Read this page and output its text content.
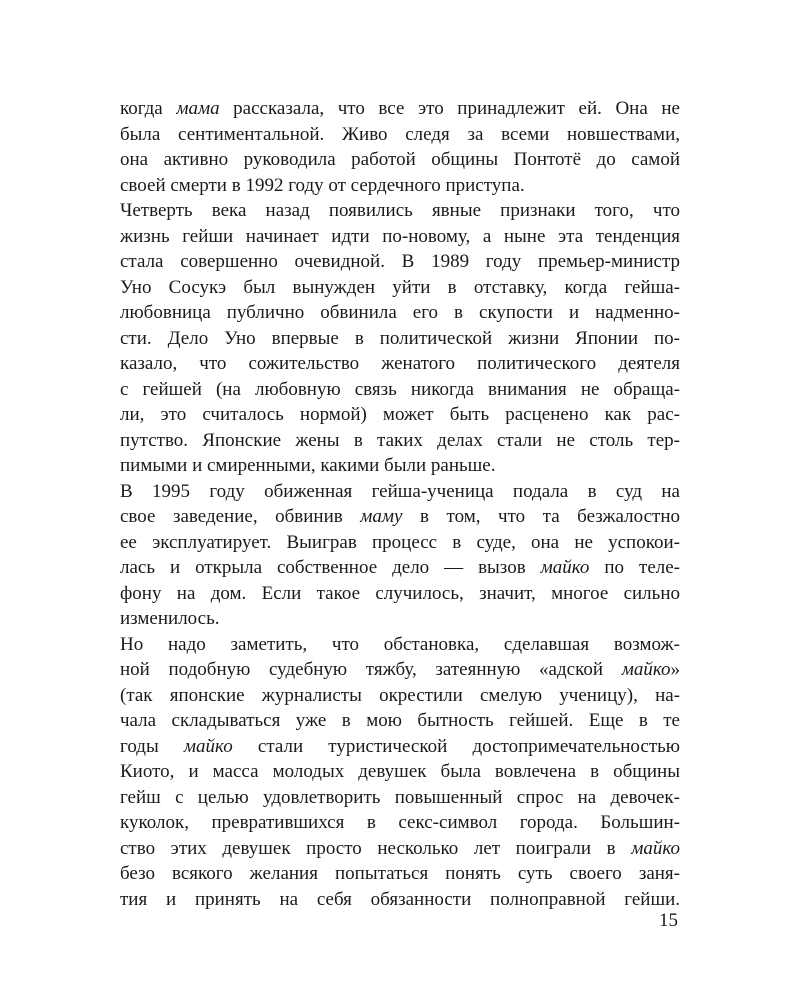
когда мама рассказала, что все это принадлежит ей. Она не
была сентиментальной. Живо следя за всеми новшествами,
она активно руководила работой общины Понтотё до самой
своей смерти в 1992 году от сердечного приступа.
Четверть века назад появились явные признаки того, что
жизнь гейши начинает идти по-новому, а ныне эта тенденция
стала совершенно очевидной. В 1989 году премьер-министр
Уно Сосукэ был вынужден уйти в отставку, когда гейша-
любовница публично обвинила его в скупости и надменно-
сти. Дело Уно впервые в политической жизни Японии по-
казало, что сожительство женатого политического деятеля
с гейшей (на любовную связь никогда внимания не обраща-
ли, это считалось нормой) может быть расценено как рас-
путство. Японские жены в таких делах стали не столь тер-
пимыми и смиренными, какими были раньше.
В 1995 году обиженная гейша-ученица подала в суд на
свое заведение, обвинив маму в том, что та безжалостно
ее эксплуатирует. Выиграв процесс в суде, она не успокои-
лась и открыла собственное дело — вызов майко по теле-
фону на дом. Если такое случилось, значит, многое сильно
изменилось.
Но надо заметить, что обстановка, сделавшая возмож-
ной подобную судебную тяжбу, затеянную «адской майко»
(так японские журналисты окрестили смелую ученицу), на-
чала складываться уже в мою бытность гейшей. Еще в те
годы майко стали туристической достопримечательностью
Киото, и масса молодых девушек была вовлечена в общины
гейш с целью удовлетворить повышенный спрос на девочек-
куколок, превратившихся в секс-символ города. Большин-
ство этих девушек просто несколько лет поиграли в майко
безо всякого желания попытаться понять суть своего заня-
тия и принять на себя обязанности полноправной гейши.
15
